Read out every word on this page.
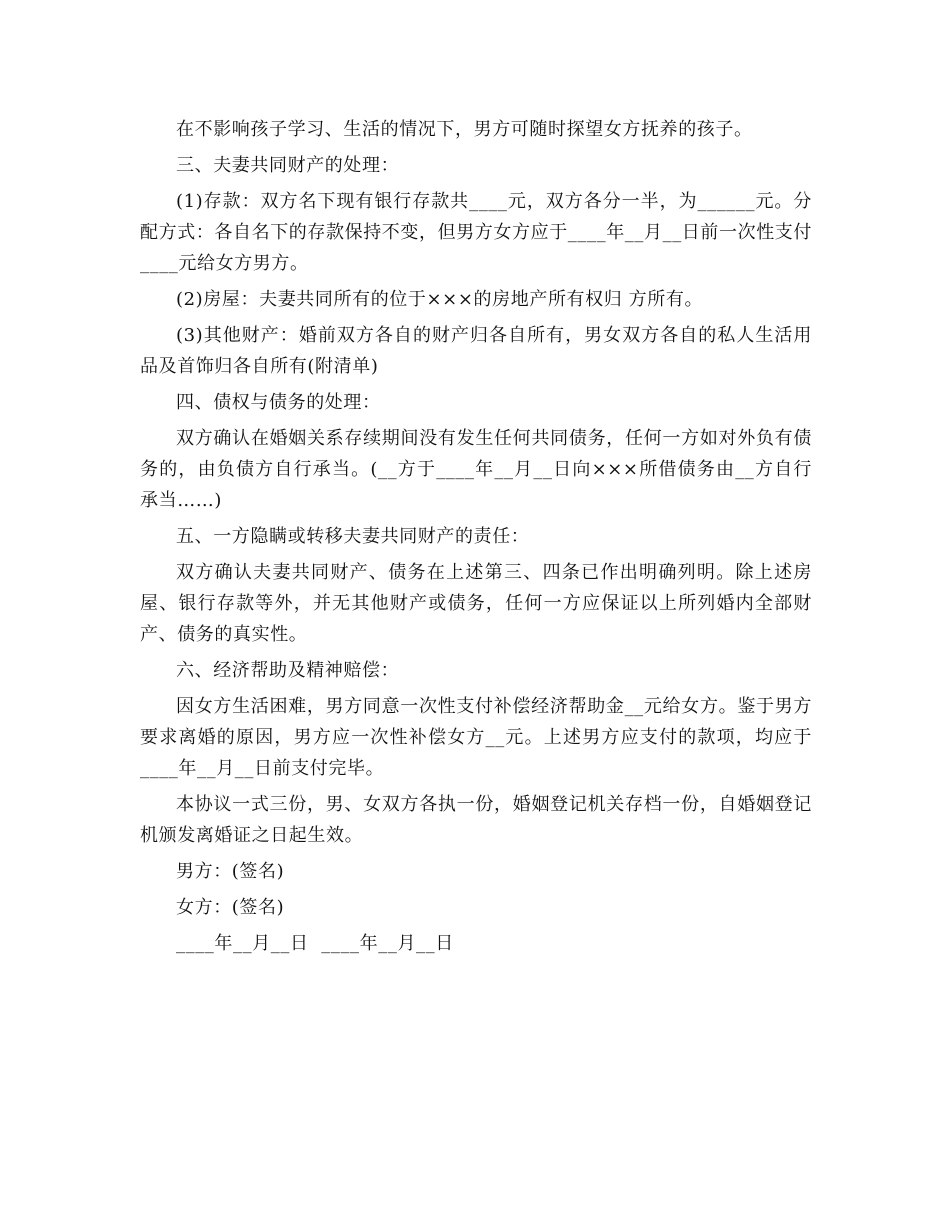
在不影响孩子学习、生活的情况下，男方可随时探望女方抚养的孩子。

三、夫妻共同财产的处理：

(1)存款：双方名下现有银行存款共____元，双方各分一半，为______元。分配方式：各自名下的存款保持不变，但男方女方应于____年__月__日前一次性支付____元给女方男方。

(2)房屋：夫妻共同所有的位于×××的房地产所有权归 方所有。

(3)其他财产：婚前双方各自的财产归各自所有，男女双方各自的私人生活用品及首饰归各自所有(附清单)

四、债权与债务的处理：

双方确认在婚姻关系存续期间没有发生任何共同债务，任何一方如对外负有债务的，由负债方自行承当。(__方于____年__月__日向×××所借债务由__方自行承当……)

五、一方隐瞒或转移夫妻共同财产的责任：

双方确认夫妻共同财产、债务在上述第三、四条已作出明确列明。除上述房屋、银行存款等外，并无其他财产或债务，任何一方应保证以上所列婚内全部财产、债务的真实性。

六、经济帮助及精神赔偿：

因女方生活困难，男方同意一次性支付补偿经济帮助金__元给女方。鉴于男方要求离婚的原因，男方应一次性补偿女方__元。上述男方应支付的款项，均应于____年__月__日前支付完毕。

本协议一式三份，男、女双方各执一份，婚姻登记机关存档一份，自婚姻登记机颁发离婚证之日起生效。

男方：(签名)

女方：(签名)

____年__月__日  ____年__月__日
